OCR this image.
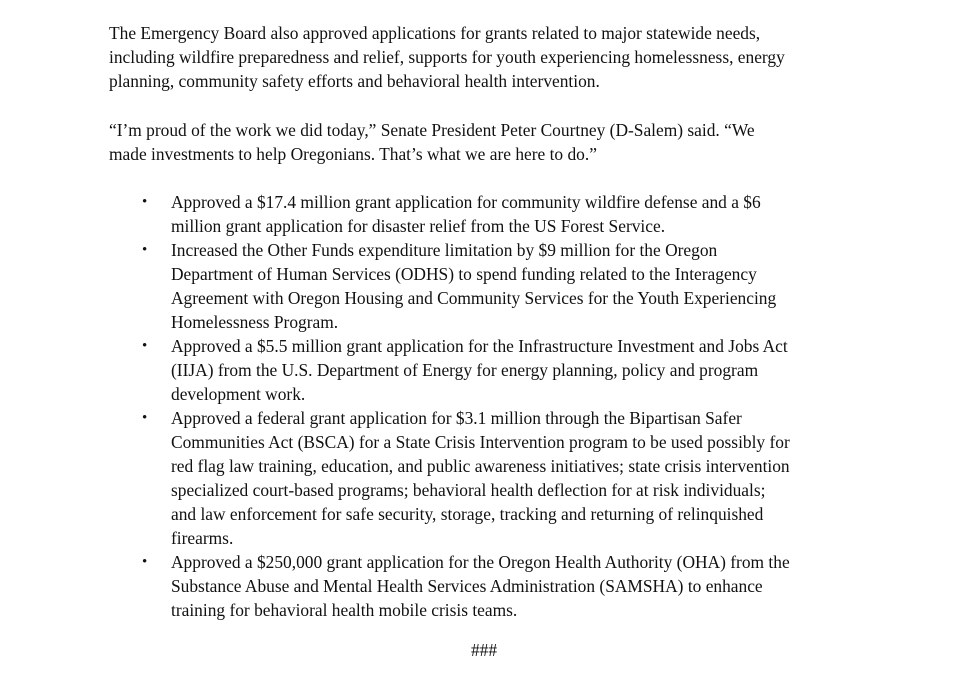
The Emergency Board also approved applications for grants related to major statewide needs,
including wildfire preparedness and relief, supports for youth experiencing homelessness, energy
planning, community safety efforts and behavioral health intervention.
“I’m proud of the work we did today,” Senate President Peter Courtney (D-Salem) said. “We
made investments to help Oregonians. That’s what we are here to do.”
• Approved a $17.4 million grant application for community wildfire defense and a $6
million grant application for disaster relief from the US Forest Service.
• Increased the Other Funds expenditure limitation by $9 million for the Oregon
Department of Human Services (ODHS) to spend funding related to the Interagency
Agreement with Oregon Housing and Community Services for the Youth Experiencing
Homelessness Program.
• Approved a $5.5 million grant application for the Infrastructure Investment and Jobs Act
(IIJA) from the U.S. Department of Energy for energy planning, policy and program
development work.
• Approved a federal grant application for $3.1 million through the Bipartisan Safer
Communities Act (BSCA) for a State Crisis Intervention program to be used possibly for
red flag law training, education, and public awareness initiatives; state crisis intervention
specialized court-based programs; behavioral health deflection for at risk individuals;
and law enforcement for safe security, storage, tracking and returning of relinquished
firearms.
• Approved a $250,000 grant application for the Oregon Health Authority (OHA) from the
Substance Abuse and Mental Health Services Administration (SAMSHA) to enhance
training for behavioral health mobile crisis teams.
###
